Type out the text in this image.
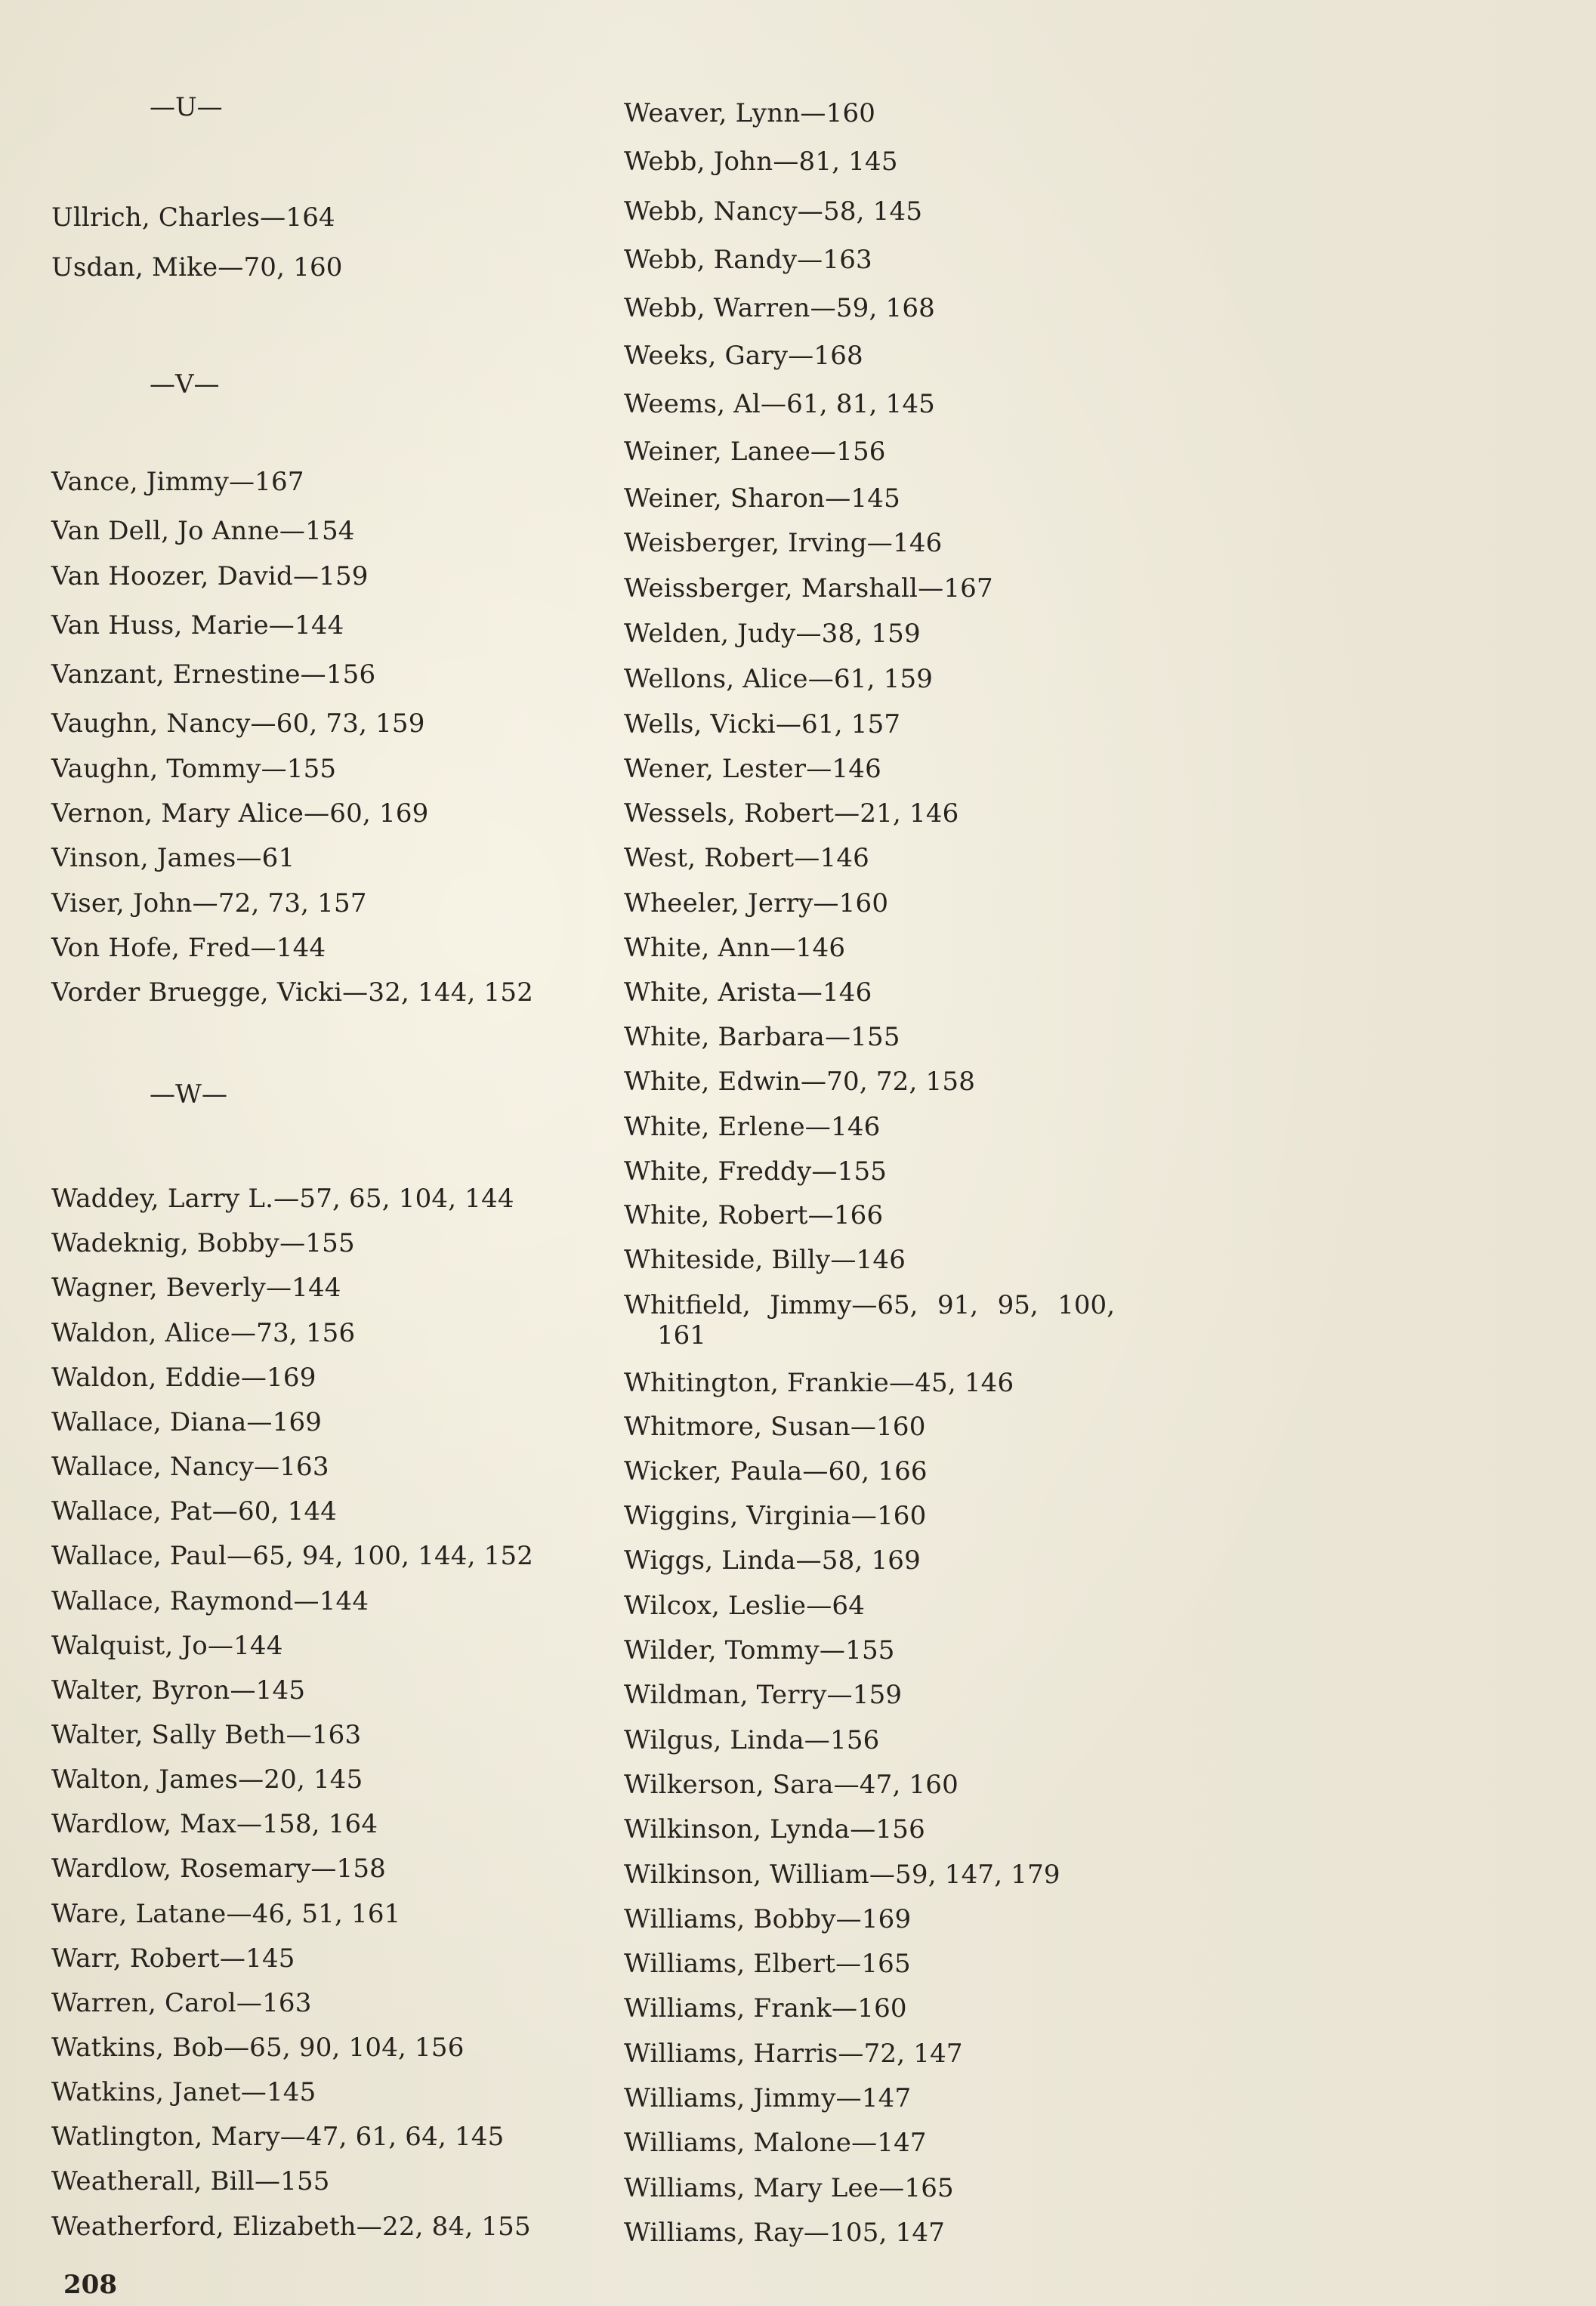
—U—
Ullrich, Charles—164
Usdan, Mike—70, 160
—V—
Vance, Jimmy—167
Van Dell, Jo Anne—154
Van Hoozer, David—159
Van Huss, Marie—144
Vanzant, Ernestine—156
Vaughn, Nancy—60, 73, 159
Vaughn, Tommy—155
Vernon, Mary Alice—60, 169
Vinson, James—61
Viser, John—72, 73, 157
Von Hofe, Fred—144
Vorder Bruegge, Vicki—32, 144, 152
—W—
Waddey, Larry L.—57, 65, 104, 144
Wadeknig, Bobby—155
Wagner, Beverly—144
Waldon, Alice—73, 156
Waldon, Eddie—169
Wallace, Diana—169
Wallace, Nancy—163
Wallace, Pat—60, 144
Wallace, Paul—65, 94, 100, 144, 152
Wallace, Raymond—144
Walquist, Jo—144
Walter, Byron—145
Walter, Sally Beth—163
Walton, James—20, 145
Wardlow, Max—158, 164
Wardlow, Rosemary—158
Ware, Latane—46, 51, 161
Warr, Robert—145
Warren, Carol—163
Watkins, Bob—65, 90, 104, 156
Watkins, Janet—145
Watlington, Mary—47, 61, 64, 145
Weatherall, Bill—155
Weatherford, Elizabeth—22, 84, 155
Weaver, Lynn—160
Webb, John—81, 145
Webb, Nancy—58, 145
Webb, Randy—163
Webb, Warren—59, 168
Weeks, Gary—168
Weems, Al—61, 81, 145
Weiner, Lanee—156
Weiner, Sharon—145
Weisberger, Irving—146
Weissberger, Marshall—167
Welden, Judy—38, 159
Wellons, Alice—61, 159
Wells, Vicki—61, 157
Wener, Lester—146
Wessels, Robert—21, 146
West, Robert—146
Wheeler, Jerry—160
White, Ann—146
White, Arista—146
White, Barbara—155
White, Edwin—70, 72, 158
White, Erlene—146
White, Freddy—155
White, Robert—166
Whiteside, Billy—146
Whitfield, Jimmy—65, 91, 95, 100,
161
Whitington, Frankie—45, 146
Whitmore, Susan—160
Wicker, Paula—60, 166
Wiggins, Virginia—160
Wiggs, Linda—58, 169
Wilcox, Leslie—64
Wilder, Tommy—155
Wildman, Terry—159
Wilgus, Linda—156
Wilkerson, Sara—47, 160
Wilkinson, Lynda—156
Wilkinson, William—59, 147, 179
Williams, Bobby—169
Williams, Elbert—165
Williams, Frank—160
Williams, Harris—72, 147
Williams, Jimmy—147
Williams, Malone—147
Williams, Mary Lee—165
Williams, Ray—105, 147
208
